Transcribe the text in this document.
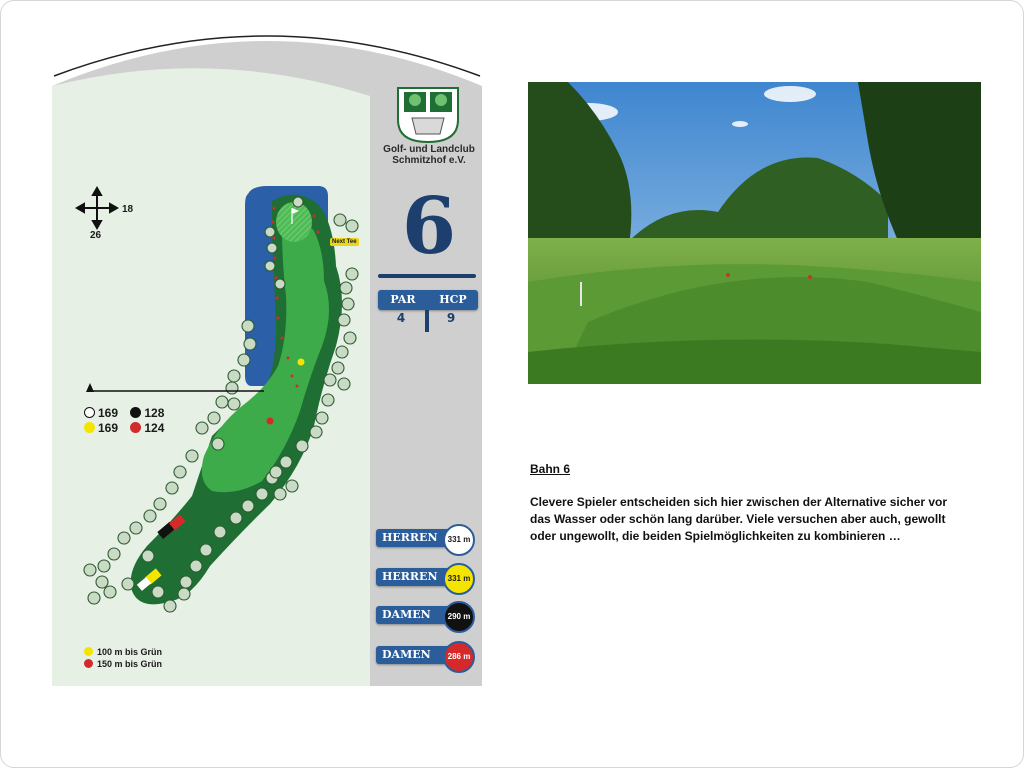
Golf- und Landclub
Schmitzhof e.V.
6
PAR	HCP
4	9
HERREN	331 m
HERREN	331 m
DAMEN	290 m
DAMEN	286 m
18
26
Next Tee
169 128
169 124
100 m bis Grün
150 m bis Grün

Bahn 6

Clevere Spieler entscheiden sich hier zwischen der Alternative sicher vor das Wasser oder schön lang darüber. Viele versuchen aber auch, gewollt oder ungewollt, die beiden Spielmöglichkeiten zu kombinieren …
